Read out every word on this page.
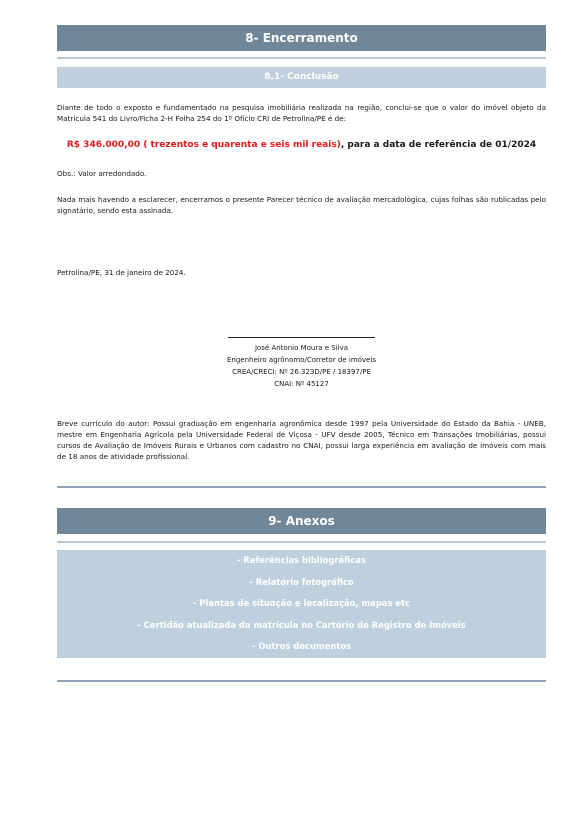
8- Encerramento
8,1- Conclusão

Diante de todo o exposto e fundamentado na pesquisa imobiliária realizada na região, conclui-se que o valor do imóvel objeto da Matrícula 541 do Livro/Ficha 2-H Folha 254 do 1º Ofício CRI de Petrolina/PE é de:

R$ 346.000,00 ( trezentos e quarenta e seis mil reais), para a data de referência de 01/2024

Obs.: Valor arredondado.

Nada mais havendo a esclarecer, encerramos o presente Parecer técnico de avaliação mercadológica, cujas folhas são rublicadas pelo signatário, sendo esta assinada.

Petrolina/PE, 31 de janeiro de 2024.

José Antonio Moura e Silva
Engenheiro agrônomo/Corretor de imóveis
CREA/CRECI: Nº 26.323D/PE / 18397/PE
CNAI: Nº 45127

Breve currículo do autor: Possui graduação em engenharia agronômica desde 1997 pela Universidade do Estado da Bahia - UNEB, mestre em Engenharia Agrícola pela Universidade Federal de Viçosa - UFV desde 2005, Técnico em Transações Imobiliárias, possui cursos de Avaliação de Imóveis Rurais e Urbanos com cadastro no CNAI, possui larga experiência em avaliação de imóveis com mais de 18 anos de atividade profissional.

9- Anexos
- Referências bibliográficas
- Relatório fotográfico
- Plantas de situação e localização, mapas etc
- Certidão atualizada da matrícula no Cartório de Registro de Imóveis
- Outros documentos
